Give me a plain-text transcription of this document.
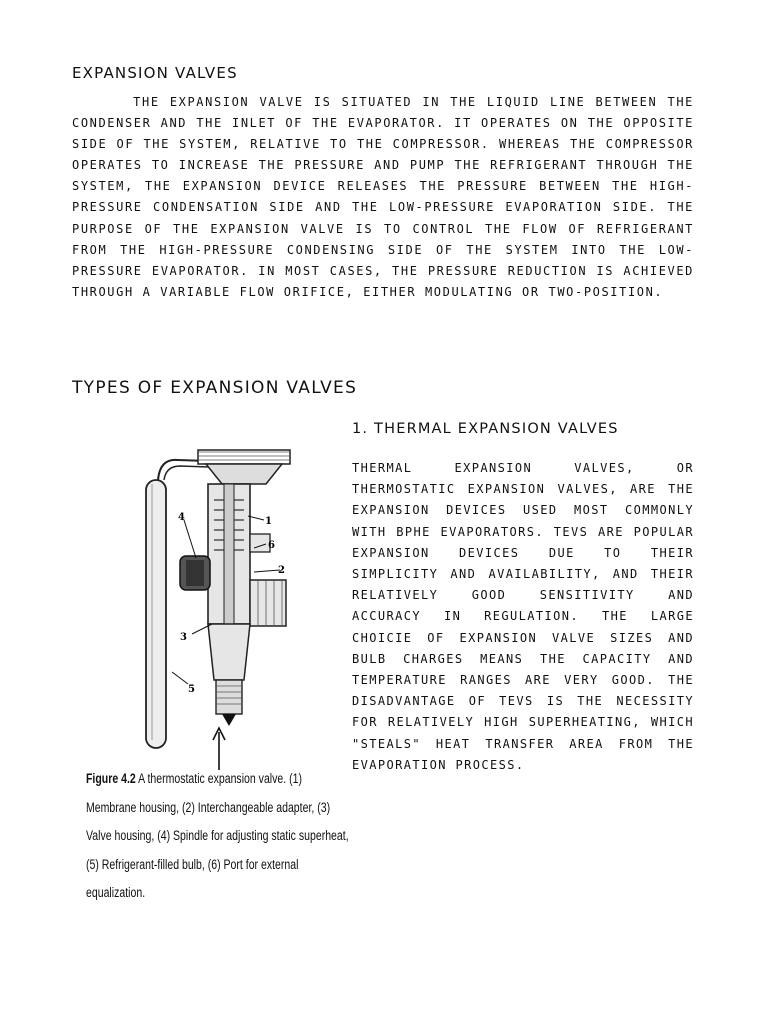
EXPANSION VALVES
THE EXPANSION VALVE IS SITUATED IN THE LIQUID LINE BETWEEN THE CONDENSER AND THE INLET OF THE EVAPORATOR. IT OPERATES ON THE OPPOSITE SIDE OF THE SYSTEM, RELATIVE TO THE COMPRESSOR. WHEREAS THE COMPRESSOR OPERATES TO INCREASE THE PRESSURE AND PUMP THE REFRIGERANT THROUGH THE SYSTEM, THE EXPANSION DEVICE RELEASES THE PRESSURE BETWEEN THE HIGH-PRESSURE CONDENSATION SIDE AND THE LOW-PRESSURE EVAPORATION SIDE. THE PURPOSE OF THE EXPANSION VALVE IS TO CONTROL THE FLOW OF REFRIGERANT FROM THE HIGH-PRESSURE CONDENSING SIDE OF THE SYSTEM INTO THE LOW-PRESSURE EVAPORATOR. IN MOST CASES, THE PRESSURE REDUCTION IS ACHIEVED THROUGH A VARIABLE FLOW ORIFICE, EITHER MODULATING OR TWO-POSITION.
TYPES OF EXPANSION VALVES
1. THERMAL EXPANSION VALVES
THERMAL EXPANSION VALVES, OR THERMOSTATIC EXPANSION VALVES, ARE THE EXPANSION DEVICES USED MOST COMMONLY WITH BPHE EVAPORATORS. TEVS ARE POPULAR EXPANSION DEVICES DUE TO THEIR SIMPLICITY AND AVAILABILITY, AND THEIR RELATIVELY GOOD SENSITIVITY AND ACCURACY IN REGULATION. THE LARGE CHOICIE OF EXPANSION VALVE SIZES AND BULB CHARGES MEANS THE CAPACITY AND TEMPERATURE RANGES ARE VERY GOOD. THE DISADVANTAGE OF TEVS IS THE NECESSITY FOR RELATIVELY HIGH SUPERHEATING, WHICH "STEALS" HEAT TRANSFER AREA FROM THE EVAPORATION PROCESS.
1
2
3
4
5
6
Figure 4.2 A thermostatic expansion valve. (1) Membrane housing, (2) Interchangeable adapter, (3) Valve housing, (4) Spindle for adjusting static superheat, (5) Refrigerant-filled bulb, (6) Port for external equalization.
